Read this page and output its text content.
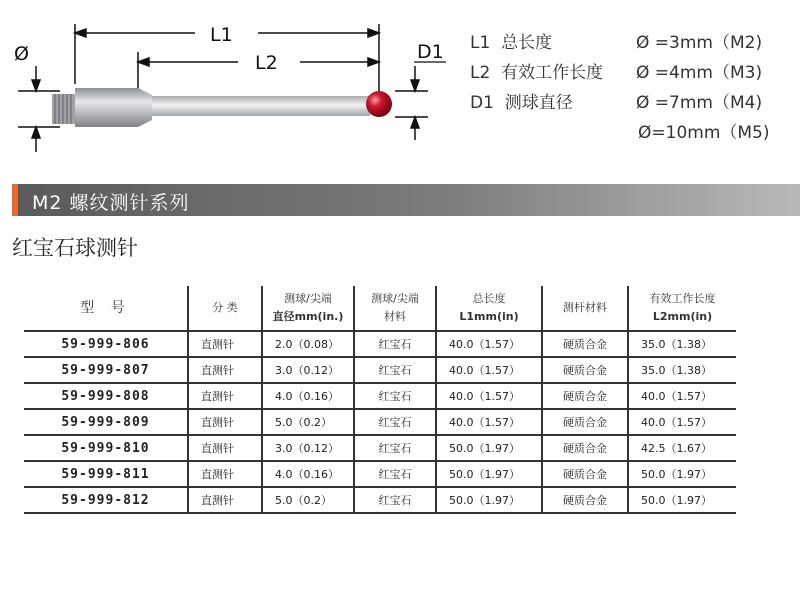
Ø
L1
L2	D1 L1 总长度
L2 有效工作长度
D1 测球直径
Ø =3mm（M2)
Ø =4mm（M3)
Ø =7mm（M4)
Ø=10mm（M5)
M2 螺纹测针系列
红宝石球测针
型 号	分 类	测球/尖端
直径mm(in.)	测球/尖端
材料	总长度
L1mm(in)	测杆材料	有效工作长度
L2mm(in)
59-999-806	直测针	2.0（0.08）	红宝石	40.0（1.57）	硬质合金	35.0（1.38）
59-999-807	直测针	3.0（0.12）	红宝石	40.0（1.57）	硬质合金	35.0（1.38）
59-999-808	直测针	4.0（0.16）	红宝石	40.0（1.57）	硬质合金	40.0（1.57）
59-999-809	直测针	5.0（0.2）	红宝石	40.0（1.57）	硬质合金	40.0（1.57）
59-999-810	直测针	3.0（0.12）	红宝石	50.0（1.97）	硬质合金	42.5（1.67）
59-999-811	直测针	4.0（0.16）	红宝石	50.0（1.97）	硬质合金	50.0（1.97）
59-999-812	直测针	5.0（0.2）	红宝石	50.0（1.97）	硬质合金	50.0（1.97）
